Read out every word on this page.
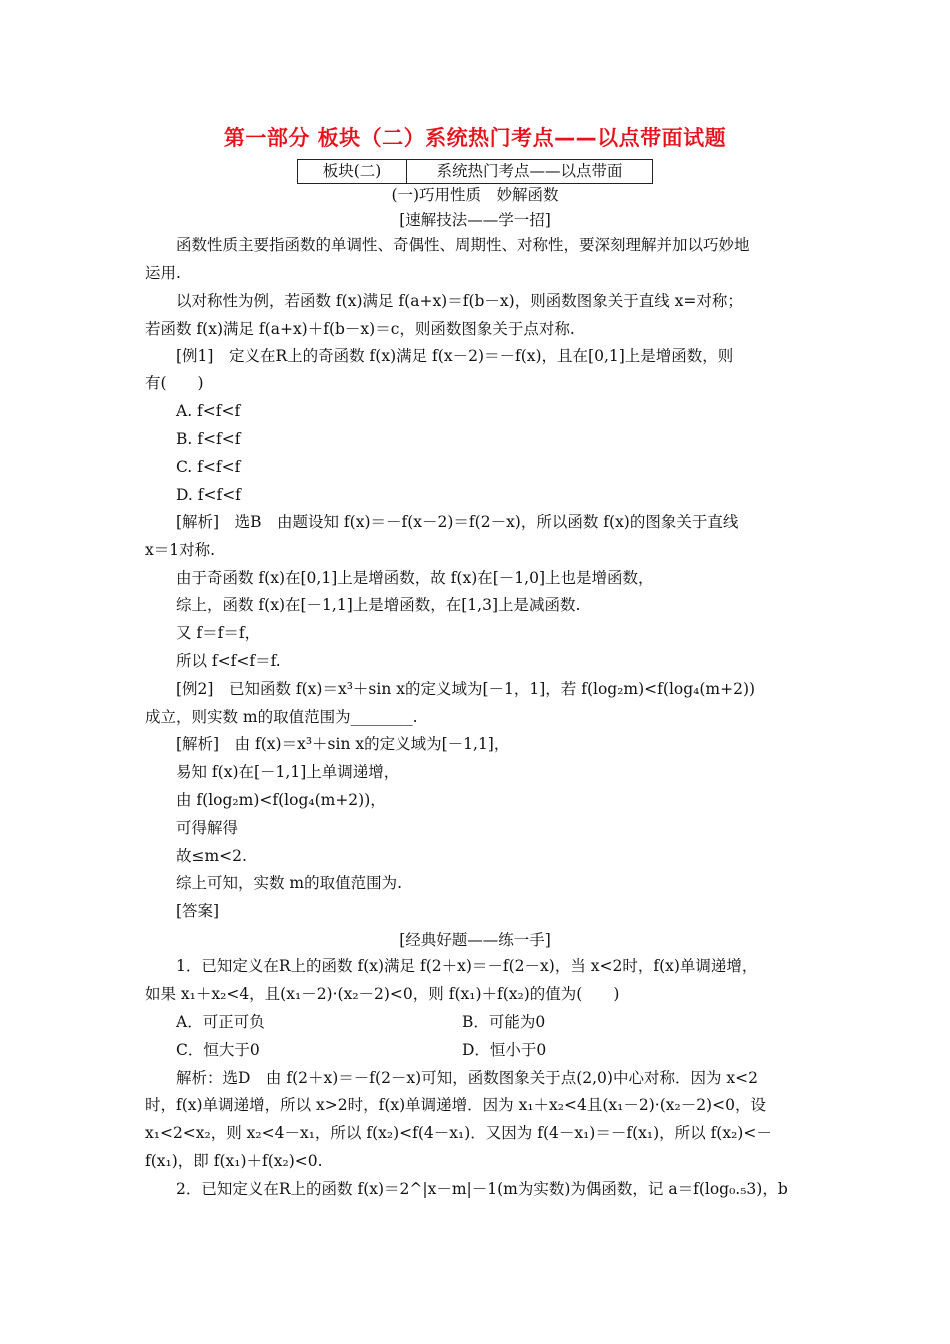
第一部分 板块（二）系统热门考点——以点带面试题
板块(二)	系统热门考点——以点带面
(一)巧用性质　妙解函数
[速解技法——学一招]
函数性质主要指函数的单调性、奇偶性、周期性、对称性，要深刻理解并加以巧妙地
运用.
以对称性为例，若函数 f(x)满足 f(a+x)＝f(b－x)，则函数图象关于直线 x=对称；
若函数 f(x)满足 f(a+x)＋f(b－x)＝c，则函数图象关于点对称.
[例1]　定义在R上的奇函数 f(x)满足 f(x－2)＝－f(x)，且在[0,1]上是增函数，则
有(　　)
A. f<f<f
B. f<f<f
C. f<f<f
D. f<f<f
[解析]　选B　由题设知 f(x)＝－f(x－2)＝f(2－x)，所以函数 f(x)的图象关于直线
x＝1对称.
由于奇函数 f(x)在[0,1]上是增函数，故 f(x)在[－1,0]上也是增函数，
综上，函数 f(x)在[－1,1]上是增函数，在[1,3]上是减函数.
又 f＝f＝f，
所以 f<f<f＝f.
[例2]　已知函数 f(x)＝x³＋sin x的定义域为[－1，1]，若 f(log₂m)<f(log₄(m+2))
成立，则实数 m的取值范围为________.
[解析]　由 f(x)＝x³＋sin x的定义域为[－1,1]，
易知 f(x)在[－1,1]上单调递增，
由 f(log₂m)<f(log₄(m+2))，
可得解得
故≤m<2.
综上可知，实数 m的取值范围为.
[答案]
[经典好题——练一手]
1．已知定义在R上的函数 f(x)满足 f(2＋x)＝－f(2－x)，当 x<2时，f(x)单调递增，
如果 x₁＋x₂<4，且(x₁－2)·(x₂－2)<0，则 f(x₁)＋f(x₂)的值为(　　)
A．可正可负	B．可能为0
C．恒大于0	D．恒小于0
解析：选D　由 f(2＋x)＝－f(2－x)可知，函数图象关于点(2,0)中心对称．因为 x<2
时，f(x)单调递增，所以 x>2时，f(x)单调递增．因为 x₁＋x₂<4且(x₁－2)·(x₂－2)<0，设
x₁<2<x₂，则 x₂<4－x₁，所以 f(x₂)<f(4－x₁)．又因为 f(4－x₁)＝－f(x₁)，所以 f(x₂)<－
f(x₁)，即 f(x₁)＋f(x₂)<0.
2．已知定义在R上的函数 f(x)＝2^|x－m|－1(m为实数)为偶函数，记 a＝f(log₀.₅3)，b
